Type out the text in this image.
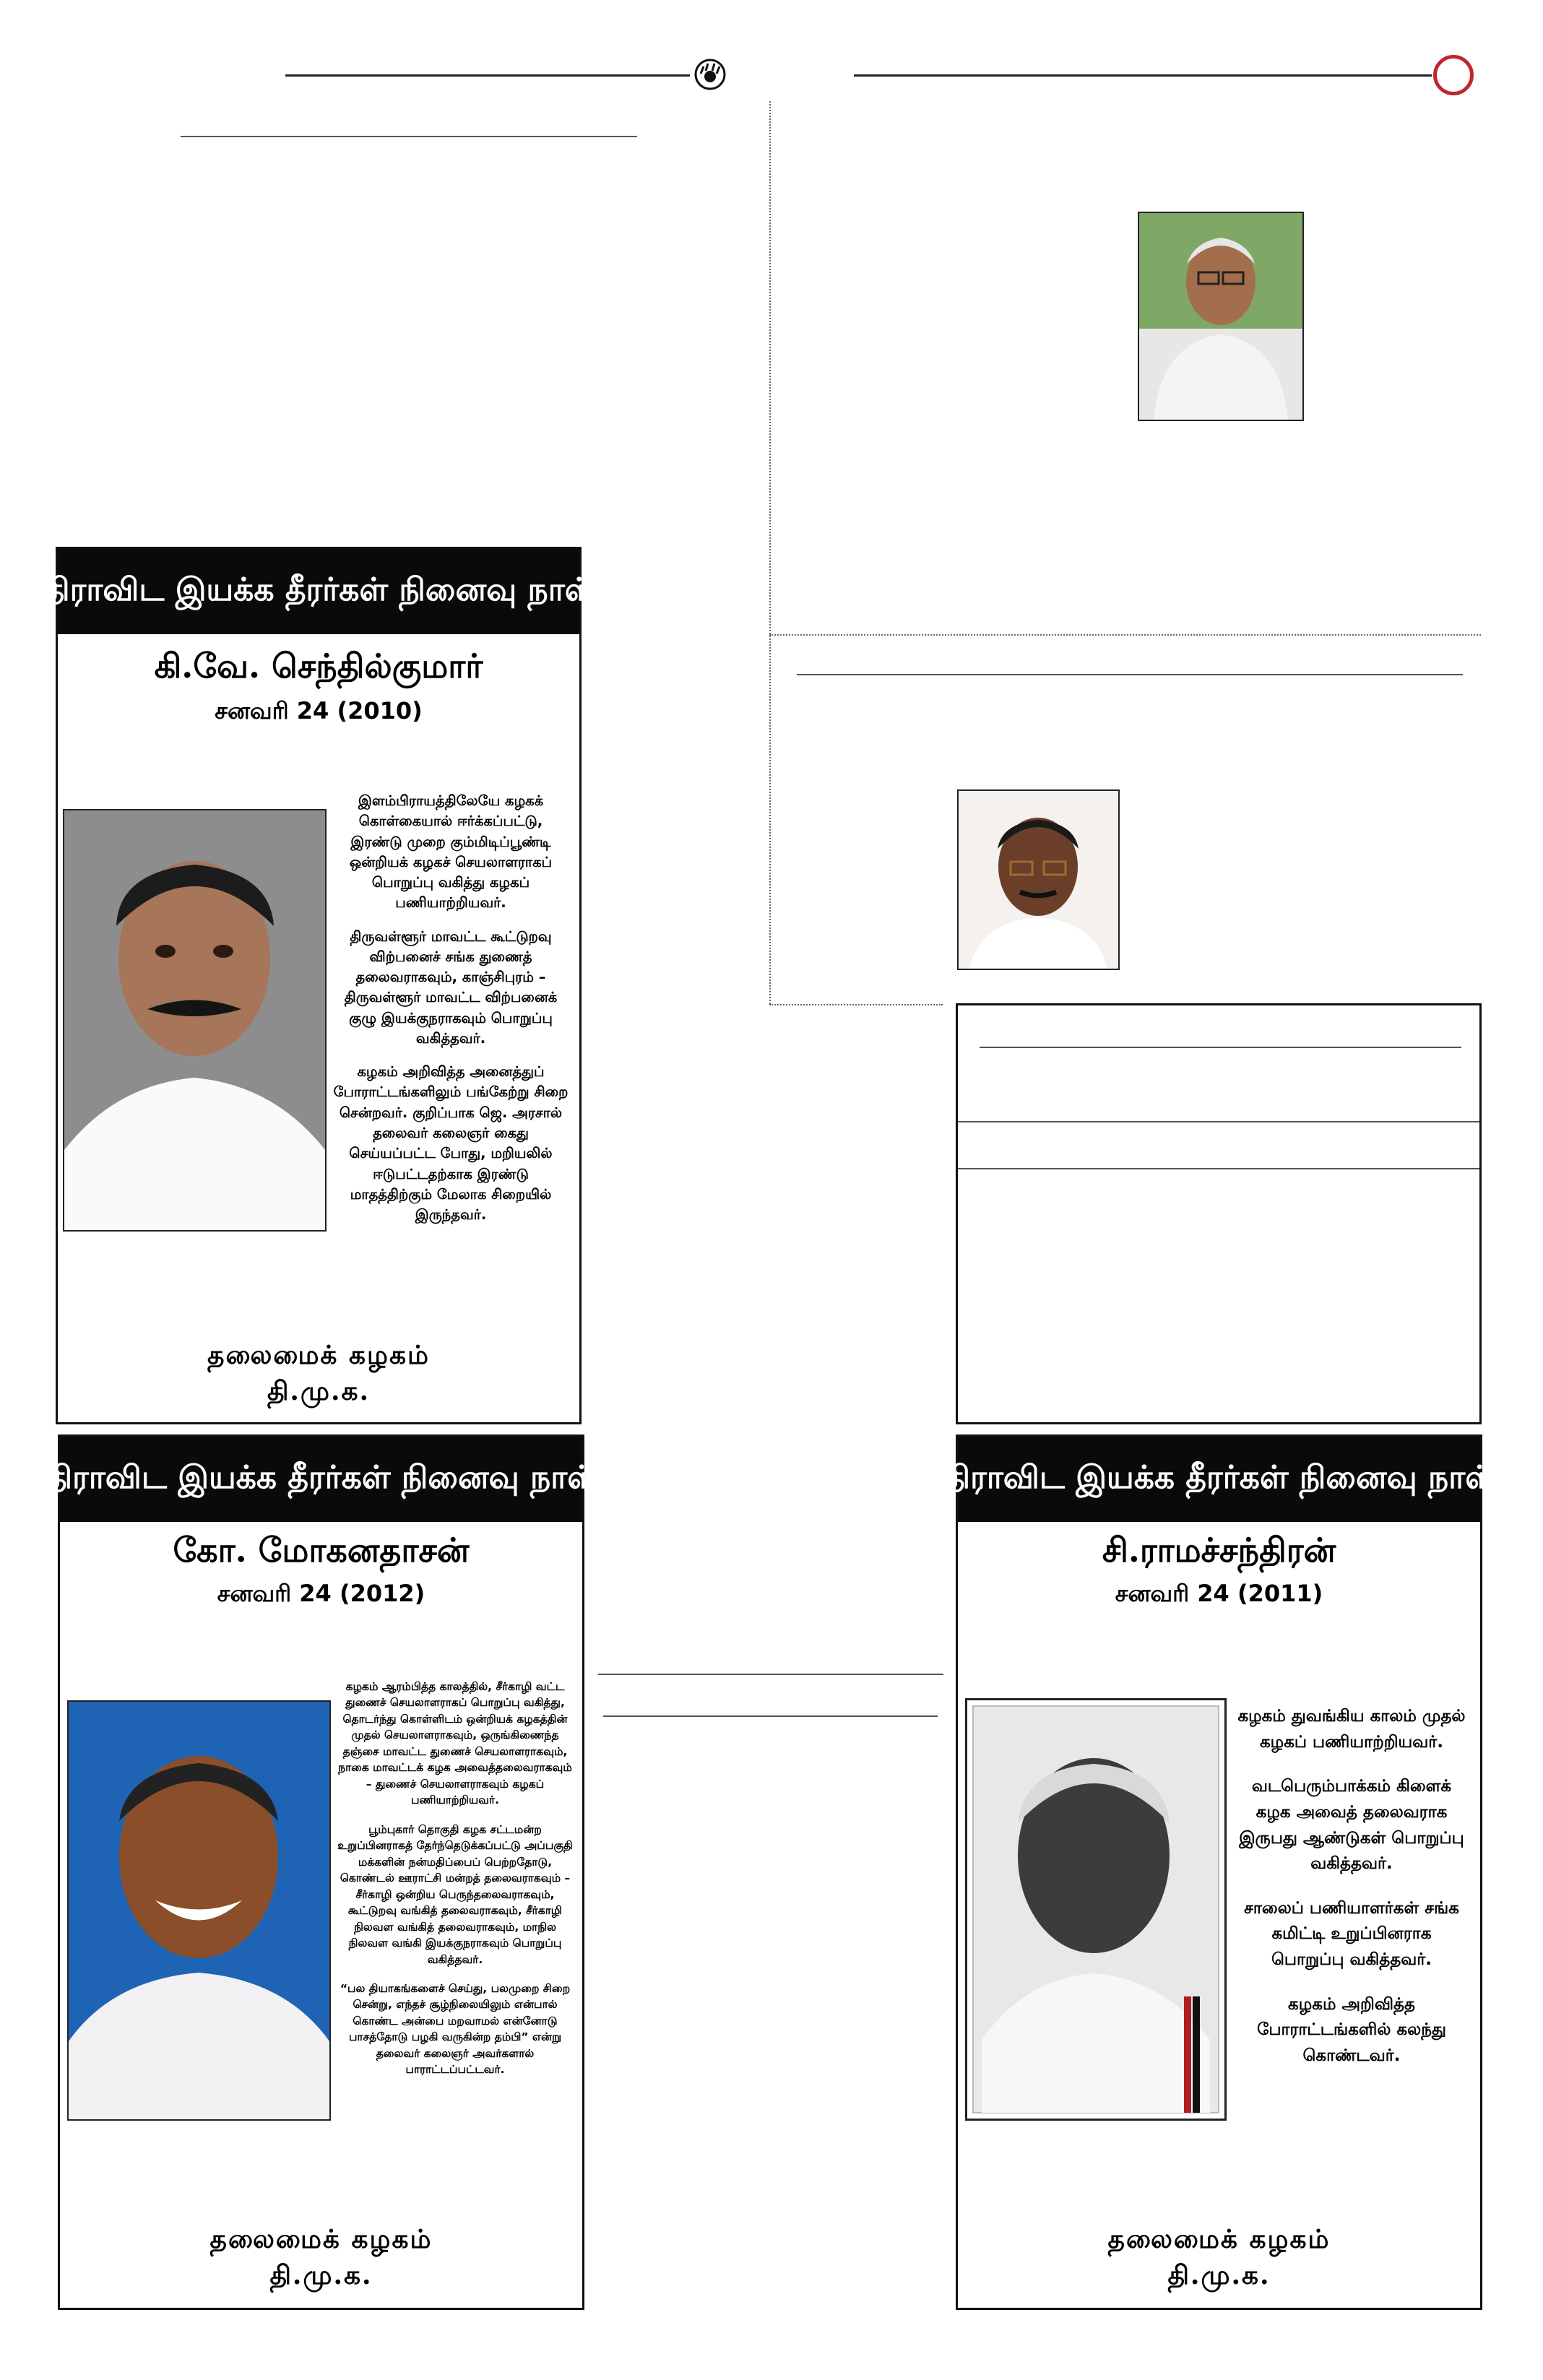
திராவிட இயக்க தீரர்கள் நினைவு நாள்
கி.வே. செந்தில்குமார்
சனவரி 24 (2010)

இளம்பிராயத்திலேயே கழகக் கொள்கையால் ஈர்க்கப்பட்டு, இரண்டு முறை கும்மிடிப்பூண்டி ஒன்றியக் கழகச் செயலாளராகப் பொறுப்பு வகித்து கழகப் பணியாற்றியவர்.

திருவள்ளூர் மாவட்ட கூட்டுறவு விற்பனைச் சங்க துணைத் தலைவராகவும், காஞ்சிபுரம் – திருவள்ளூர் மாவட்ட விற்பனைக் குழு இயக்குநராகவும் பொறுப்பு வகித்தவர்.

கழகம் அறிவித்த அனைத்துப் போராட்டங்களிலும் பங்கேற்று சிறை சென்றவர். குறிப்பாக ஜெ. அரசால் தலைவர் கலைஞர் கைது செய்யப்பட்ட போது, மறியலில் ஈடுபட்டதற்காக இரண்டு மாதத்திற்கும் மேலாக சிறையில் இருந்தவர்.

தலைமைக் கழகம்
தி.மு.க.
திராவிட இயக்க தீரர்கள் நினைவு நாள்
கோ. மோகனதாசன்
சனவரி 24 (2012)

கழகம் ஆரம்பித்த காலத்தில், சீர்காழி வட்ட துணைச் செயலாளராகப் பொறுப்பு வகித்து, தொடர்ந்து கொள்ளிடம் ஒன்றியக் கழகத்தின் முதல் செயலாளராகவும், ஒருங்கிணைந்த தஞ்சை மாவட்ட துணைச் செயலாளராகவும், நாகை மாவட்டக் கழக அவைத்தலைவராகவும் – துணைச் செயலாளராகவும் கழகப் பணியாற்றியவர்.

பூம்புகார் தொகுதி கழக சட்டமன்ற உறுப்பினராகத் தேர்ந்தெடுக்கப்பட்டு அப்பகுதி மக்களின் நன்மதிப்பைப் பெற்றதோடு, கொண்டல் ஊராட்சி மன்றத் தலைவராகவும் – சீர்காழி ஒன்றிய பெருந்தலைவராகவும், கூட்டுறவு வங்கித் தலைவராகவும், சீர்காழி நிலவள வங்கித் தலைவராகவும், மாநில நிலவள வங்கி இயக்குநராகவும் பொறுப்பு வகித்தவர்.

“பல தியாகங்களைச் செய்து, பலமுறை சிறை சென்று, எந்தச் சூழ்நிலையிலும் என்பால் கொண்ட அன்பை மறவாமல் என்னோடு பாசத்தோடு பழகி வருகின்ற தம்பி” என்று தலைவர் கலைஞர் அவர்களால் பாராட்டப்பட்டவர்.

தலைமைக் கழகம்
தி.மு.க.
திராவிட இயக்க தீரர்கள் நினைவு நாள்
சி.ராமச்சந்திரன்
சனவரி 24 (2011)

கழகம் துவங்கிய காலம் முதல் கழகப் பணியாற்றியவர்.

வடபெரும்பாக்கம் கிளைக் கழக அவைத் தலைவராக இருபது ஆண்டுகள் பொறுப்பு வகித்தவர்.

சாலைப் பணியாளர்கள் சங்க கமிட்டி உறுப்பினராக பொறுப்பு வகித்தவர்.

கழகம் அறிவித்த போராட்டங்களில் கலந்து கொண்டவர்.

தலைமைக் கழகம்
தி.மு.க.
